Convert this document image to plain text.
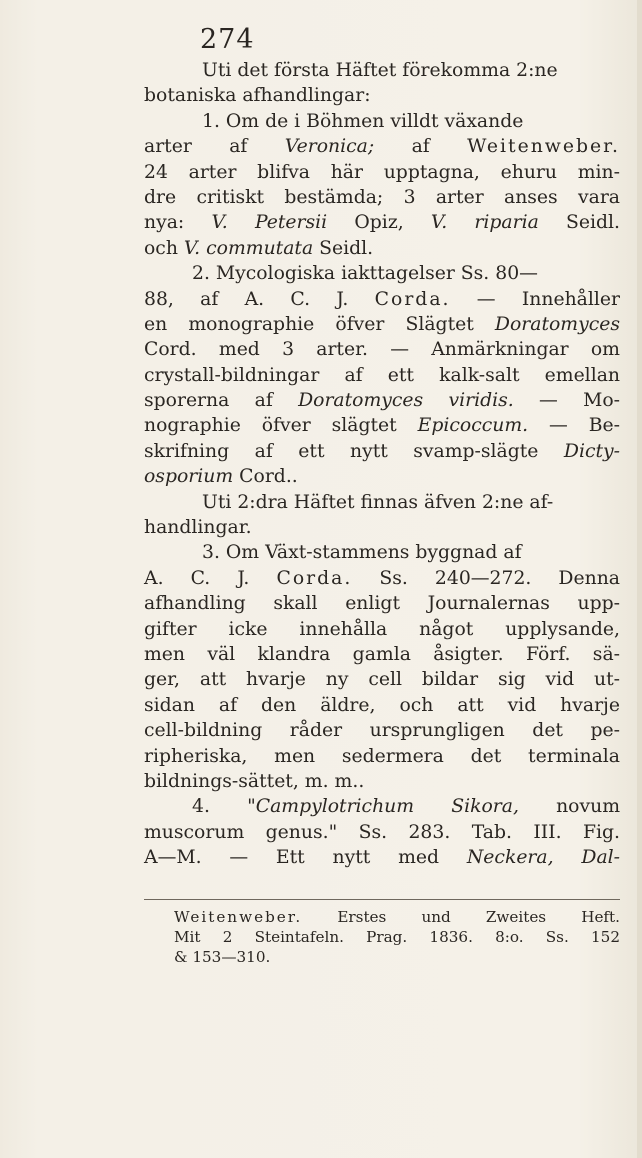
274
Uti det första Häftet förekomma 2:ne
botaniska afhandlingar:
1. Om de i Böhmen villdt växande
arter af Veronica; af Weitenweber.
24 arter blifva här upptagna, ehuru min-
dre critiskt bestämda; 3 arter anses vara
nya: V. Petersii Opiz, V. riparia Seidl.
och V. commutata Seidl.
2. Mycologiska iakttagelser Ss. 80—
88, af A. C. J. Corda. — Innehåller
en monographie öfver Slägtet Doratomyces
Cord. med 3 arter. — Anmärkningar om
crystall-bildningar af ett kalk-salt emellan
sporerna af Doratomyces viridis. — Mo-
nographie öfver slägtet Epicoccum. — Be-
skrifning af ett nytt svamp-slägte Dicty-
osporium Cord..
Uti 2:dra Häftet finnas äfven 2:ne af-
handlingar.
3. Om Växt-stammens byggnad af
A. C. J. Corda. Ss. 240—272. Denna
afhandling skall enligt Journalernas upp-
gifter icke innehålla något upplysande,
men väl klandra gamla åsigter. Förf. sä-
ger, att hvarje ny cell bildar sig vid ut-
sidan af den äldre, och att vid hvarje
cell-bildning råder ursprungligen det pe-
ripheriska, men sedermera det terminala
bildnings-sättet, m. m..
4. "Campylotrichum Sikora, novum
muscorum genus." Ss. 283. Tab. III. Fig.
A—M. — Ett nytt med Neckera, Dal-
Weitenweber. Erstes und Zweites Heft.
Mit 2 Steintafeln. Prag. 1836. 8:o. Ss. 152
& 153—310.
